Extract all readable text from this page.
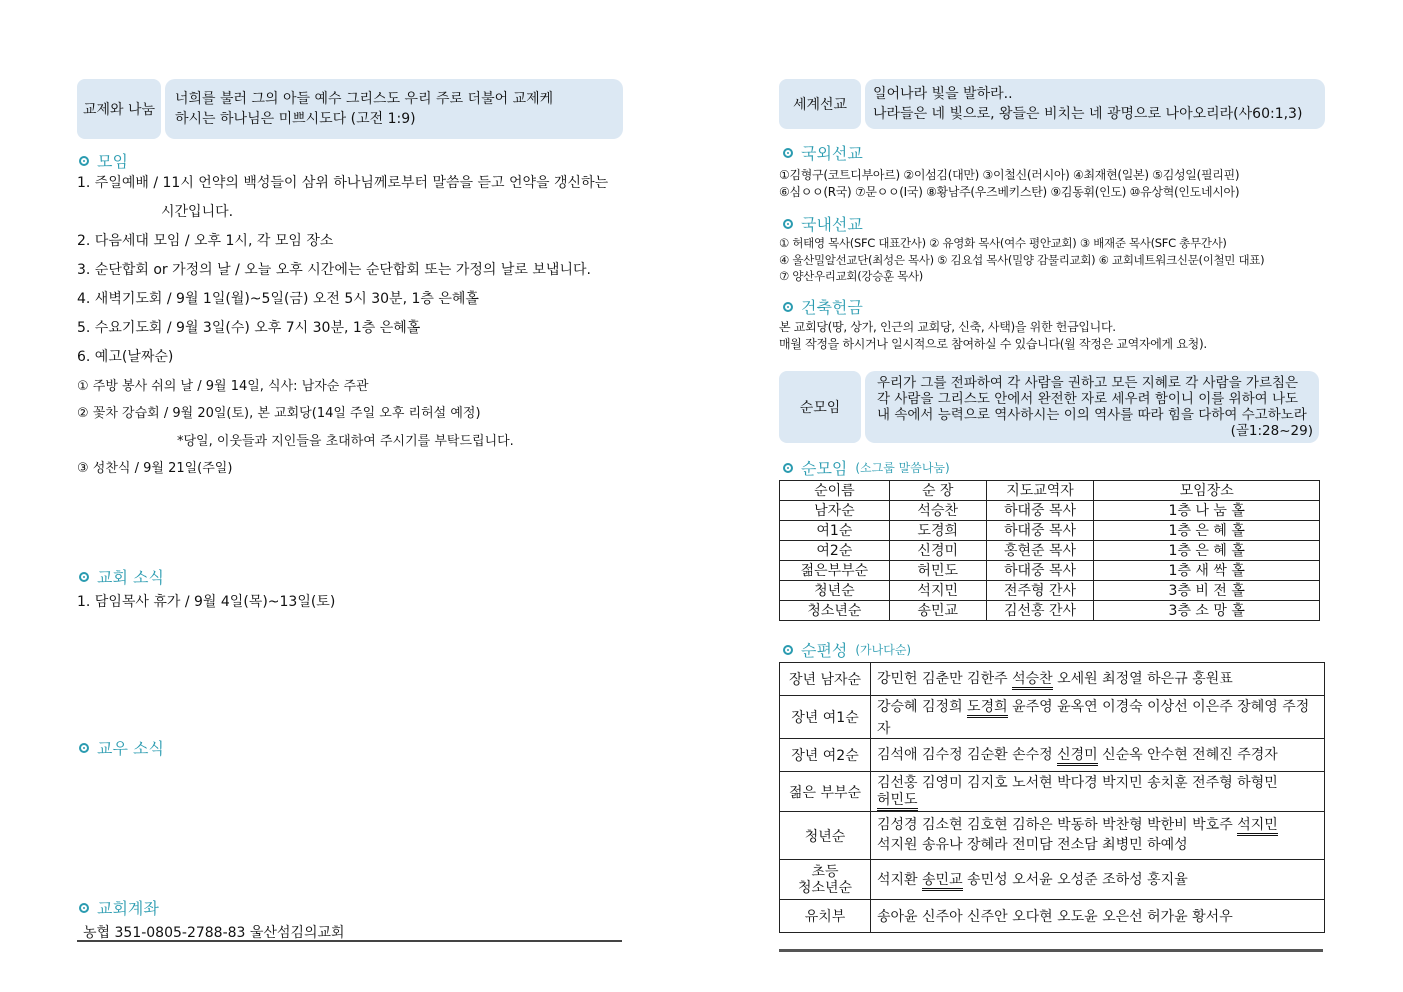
교제와 나눔
너희를 불러 그의 아들 예수 그리스도 우리 주로 더불어 교제케
하시는 하나님은 미쁘시도다 (고전 1:9)
모임
1. 주일예배 / 11시 언약의 백성들이 삼위 하나님께로부터 말씀을 듣고 언약을 갱신하는
시간입니다.
2. 다음세대 모임 / 오후 1시, 각 모임 장소
3. 순단합회 or 가정의 날 / 오늘 오후 시간에는 순단합회 또는 가정의 날로 보냅니다.
4. 새벽기도회 / 9월 1일(월)~5일(금) 오전 5시 30분, 1층 은혜홀
5. 수요기도회 / 9월 3일(수) 오후 7시 30분, 1층 은혜홀
6. 예고(날짜순)
① 주방 봉사 쉬의 날 / 9월 14일, 식사: 남자순 주관
② 꽃차 강습회 / 9월 20일(토), 본 교회당(14일 주일 오후 리허설 예정)
*당일, 이웃들과 지인들을 초대하여 주시기를 부탁드립니다.
③ 성찬식 / 9월 21일(주일)
교회 소식
1. 담임목사 휴가 / 9월 4일(목)~13일(토)
교우 소식
교회계좌
농협 351-0805-2788-83 울산섬김의교회
세계선교
일어나라 빛을 발하라..
나라들은 네 빛으로, 왕들은 비치는 네 광명으로 나아오리라(사60:1,3)
국외선교
①김형구(코트디부아르) ②이섬김(대만) ③이철신(러시아) ④최재현(일본) ⑤김성일(필리핀)
⑥심ㅇㅇ(R국) ⑦문ㅇㅇ(I국) ⑧황남주(우즈베키스탄) ⑨김동휘(인도) ⑩유상혁(인도네시아)
국내선교
① 허태영 목사(SFC 대표간사) ② 유영화 목사(여수 평안교회) ③ 배재준 목사(SFC 총무간사)
④ 울산밀알선교단(최성은 목사) ⑤ 김요섭 목사(밀양 감물리교회) ⑥ 교회네트워크신문(이철민 대표)
⑦ 양산우리교회(강승훈 목사)
건축헌금
본 교회당(땅, 상가, 인근의 교회당, 신축, 사택)을 위한 헌금입니다.
매월 작정을 하시거나 일시적으로 참여하실 수 있습니다(월 작정은 교역자에게 요청).
순모임
우리가 그를 전파하여 각 사람을 권하고 모든 지혜로 각 사람을 가르침은
각 사람을 그리스도 안에서 완전한 자로 세우려 함이니 이를 위하여 나도
내 속에서 능력으로 역사하시는 이의 역사를 따라 힘을 다하여 수고하노라
(골1:28~29)
순모임 (소그룹 말씀나눔)
순이름	순 장	지도교역자	모임장소
남자순	석승찬	하대중 목사	1층 나 눔 홀
여1순	도경희	하대중 목사	1층 은 혜 홀
여2순	신경미	홍현준 목사	1층 은 혜 홀
젊은부부순	허민도	하대중 목사	1층 새 싹 홀
청년순	석지민	전주형 간사	3층 비 전 홀
청소년순	송민교	김선홍 간사	3층 소 망 홀
순편성 (가나다순)
장년 남자순	강민헌 김춘만 김한주 석승찬 오세원 최정열 하은규 홍원표
장년 여1순	강승혜 김정희 도경희 윤주영 윤옥연 이경숙 이상선 이은주 장혜영 주정자
장년 여2순	김석애 김수정 김순환 손수정 신경미 신순옥 안수현 전혜진 주경자
젊은 부부순	김선홍 김영미 김지호 노서현 박다경 박지민 송치훈 전주형 하형민 허민도
청년순	김성경 김소현 김호현 김하은 박동하 박찬형 박한비 박호주 석지민
석지원 송유나 장혜라 전미담 전소담 최병민 하예성
초등
청소년순	석지환 송민교 송민성 오서윤 오성준 조하성 홍지율
유치부	송아윤 신주아 신주안 오다현 오도윤 오은선 허가윤 황서우
